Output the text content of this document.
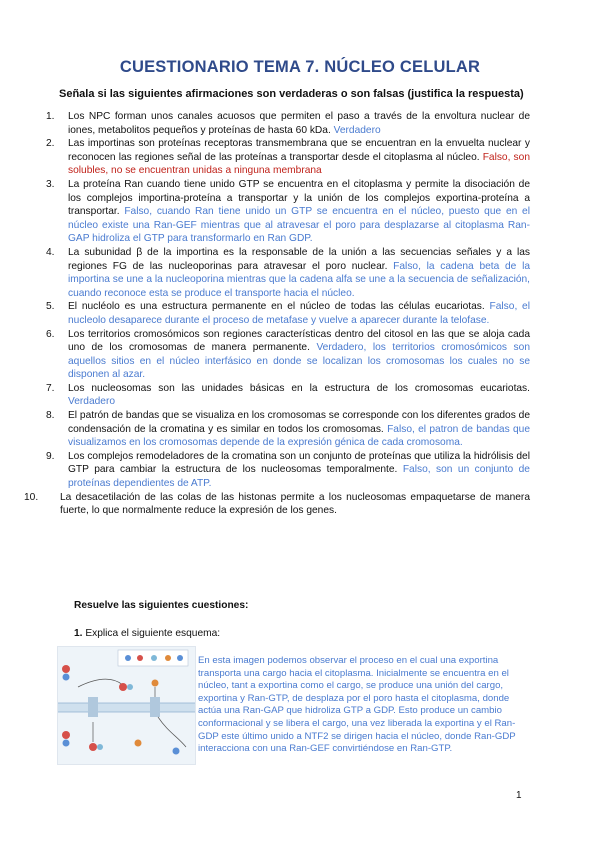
CUESTIONARIO TEMA 7. NÚCLEO CELULAR
Señala si las siguientes afirmaciones son verdaderas o son falsas (justifica la respuesta)
1.	Los NPC forman unos canales acuosos que permiten el paso a través de la envoltura nuclear de iones, metabolitos pequeños y proteínas de hasta 60 kDa. Verdadero
2.	Las importinas son proteínas receptoras transmembrana que se encuentran en la envuelta nuclear y reconocen las regiones señal de las proteínas a transportar desde el citoplasma al núcleo. Falso, son solubles, no se encuentran unidas a ninguna membrana
3.	La proteína Ran cuando tiene unido GTP se encuentra en el citoplasma y permite la disociación de los complejos importina-proteína a transportar y la unión de los complejos exportina-proteína a transportar. Falso, cuando Ran tiene unido un GTP se encuentra en el núcleo, puesto que en el núcleo existe una Ran-GEF mientras que al atravesar el poro para desplazarse al citoplasma Ran-GAP hidroliza el GTP para transformarlo en Ran GDP.
4.	La subunidad β de la importina es la responsable de la unión a las secuencias señales y a las regiones FG de las nucleoporinas para atravesar el poro nuclear. Falso, la cadena beta de la importina se une a la nucleoporina mientras que la cadena alfa se une a la secuencia de señalización, cuando reconoce esta se produce el transporte hacia el núcleo.
5.	El nucléolo es una estructura permanente en el núcleo de todas las células eucariotas. Falso, el nucleolo desaparece durante el proceso de metafase y vuelve a aparecer durante la telofase.
6.	Los territorios cromosómicos son regiones características dentro del citosol en las que se aloja cada uno de los cromosomas de manera permanente. Verdadero, los territorios cromosómicos son aquellos sitios en el núcleo interfásico en donde se localizan los cromosomas los cuales no se disponen al azar.
7.	Los nucleosomas son las unidades básicas en la estructura de los cromosomas eucariotas. Verdadero
8.	El patrón de bandas que se visualiza en los cromosomas se corresponde con los diferentes grados de condensación de la cromatina y es similar en todos los cromosomas. Falso, el patron de bandas que visualizamos en los cromosomas depende de la expresión génica de cada cromosoma.
9.	Los complejos remodeladores de la cromatina son un conjunto de proteínas que utiliza la hidrólisis del GTP para cambiar la estructura de los nucleosomas temporalmente. Falso, son un conjunto de proteínas dependientes de ATP.
10.	La desacetilación de las colas de las histonas permite a los nucleosomas empaquetarse de manera fuerte, lo que normalmente reduce la expresión de los genes.
Resuelve las siguientes cuestiones:
1. Explica el siguiente esquema:
En esta imagen podemos observar el proceso en el cual una exportina transporta una cargo hacia el citoplasma. Inicialmente se encuentra en el núcleo, tant a exportina como el cargo, se produce una unión del cargo, exportina y Ran-GTP, de desplaza por el poro hasta el citoplasma, donde actúa una Ran-GAP que hidroliza GTP a GDP. Esto produce un cambio conformacional y se libera el cargo, una vez liberada la exportina y el Ran-GDP este último unido a NTF2 se dirigen hacia el núcleo, donde Ran-GDP interacciona con una Ran-GEF convirtiéndose en Ran-GTP.
1
